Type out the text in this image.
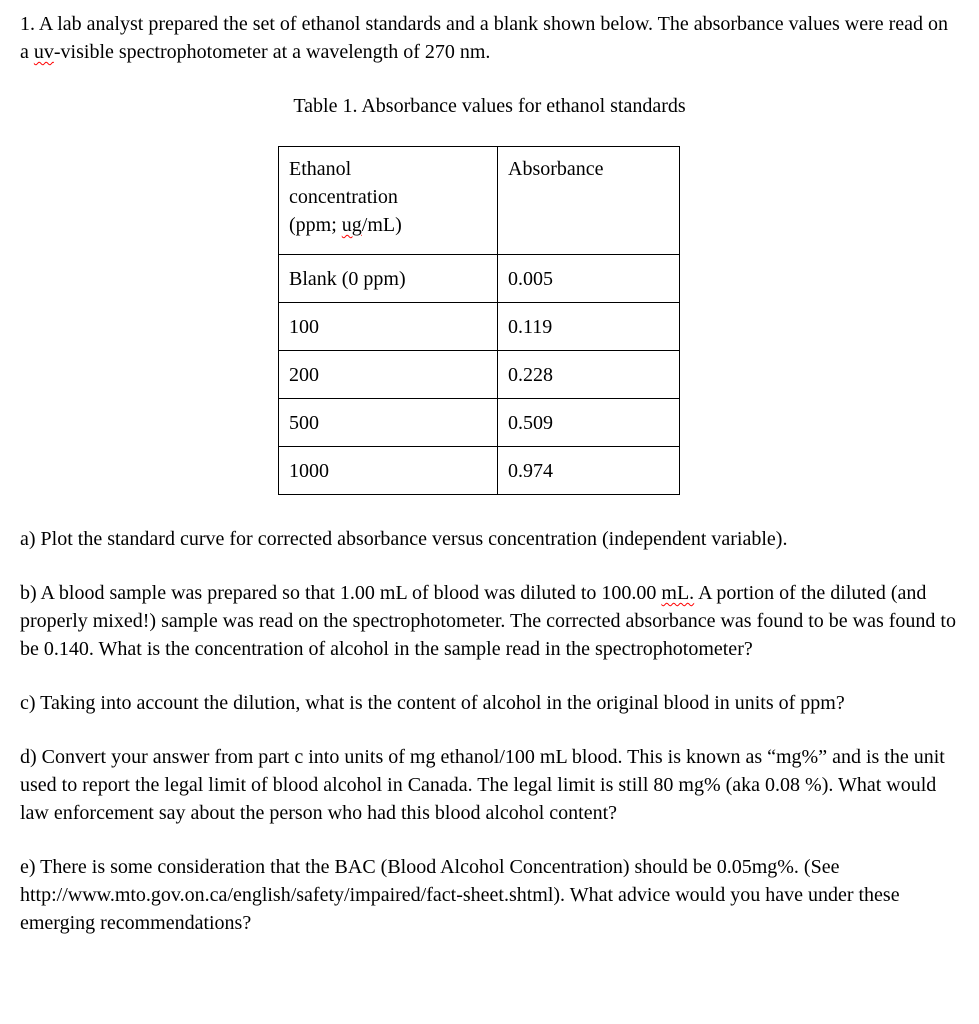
1. A lab analyst prepared the set of ethanol standards and a blank shown below. The absorbance values were read on a uv-visible spectrophotometer at a wavelength of 270 nm.

Table 1. Absorbance values for ethanol standards

Ethanol
concentration
(ppm; ug/mL)	Absorbance
Blank (0 ppm)	0.005
100	0.119
200	0.228
500	0.509
1000	0.974

a) Plot the standard curve for corrected absorbance versus concentration (independent variable).

b) A blood sample was prepared so that 1.00 mL of blood was diluted to 100.00 mL. A portion of the diluted (and properly mixed!) sample was read on the spectrophotometer. The corrected absorbance was found to be was found to be 0.140. What is the concentration of alcohol in the sample read in the spectrophotometer?

c) Taking into account the dilution, what is the content of alcohol in the original blood in units of ppm?

d) Convert your answer from part c into units of mg ethanol/100 mL blood. This is known as “mg%” and is the unit used to report the legal limit of blood alcohol in Canada. The legal limit is still 80 mg% (aka 0.08 %). What would law enforcement say about the person who had this blood alcohol content?

e) There is some consideration that the BAC (Blood Alcohol Concentration) should be 0.05mg%. (See http://www.mto.gov.on.ca/english/safety/impaired/fact-sheet.shtml). What advice would you have under these emerging recommendations?
